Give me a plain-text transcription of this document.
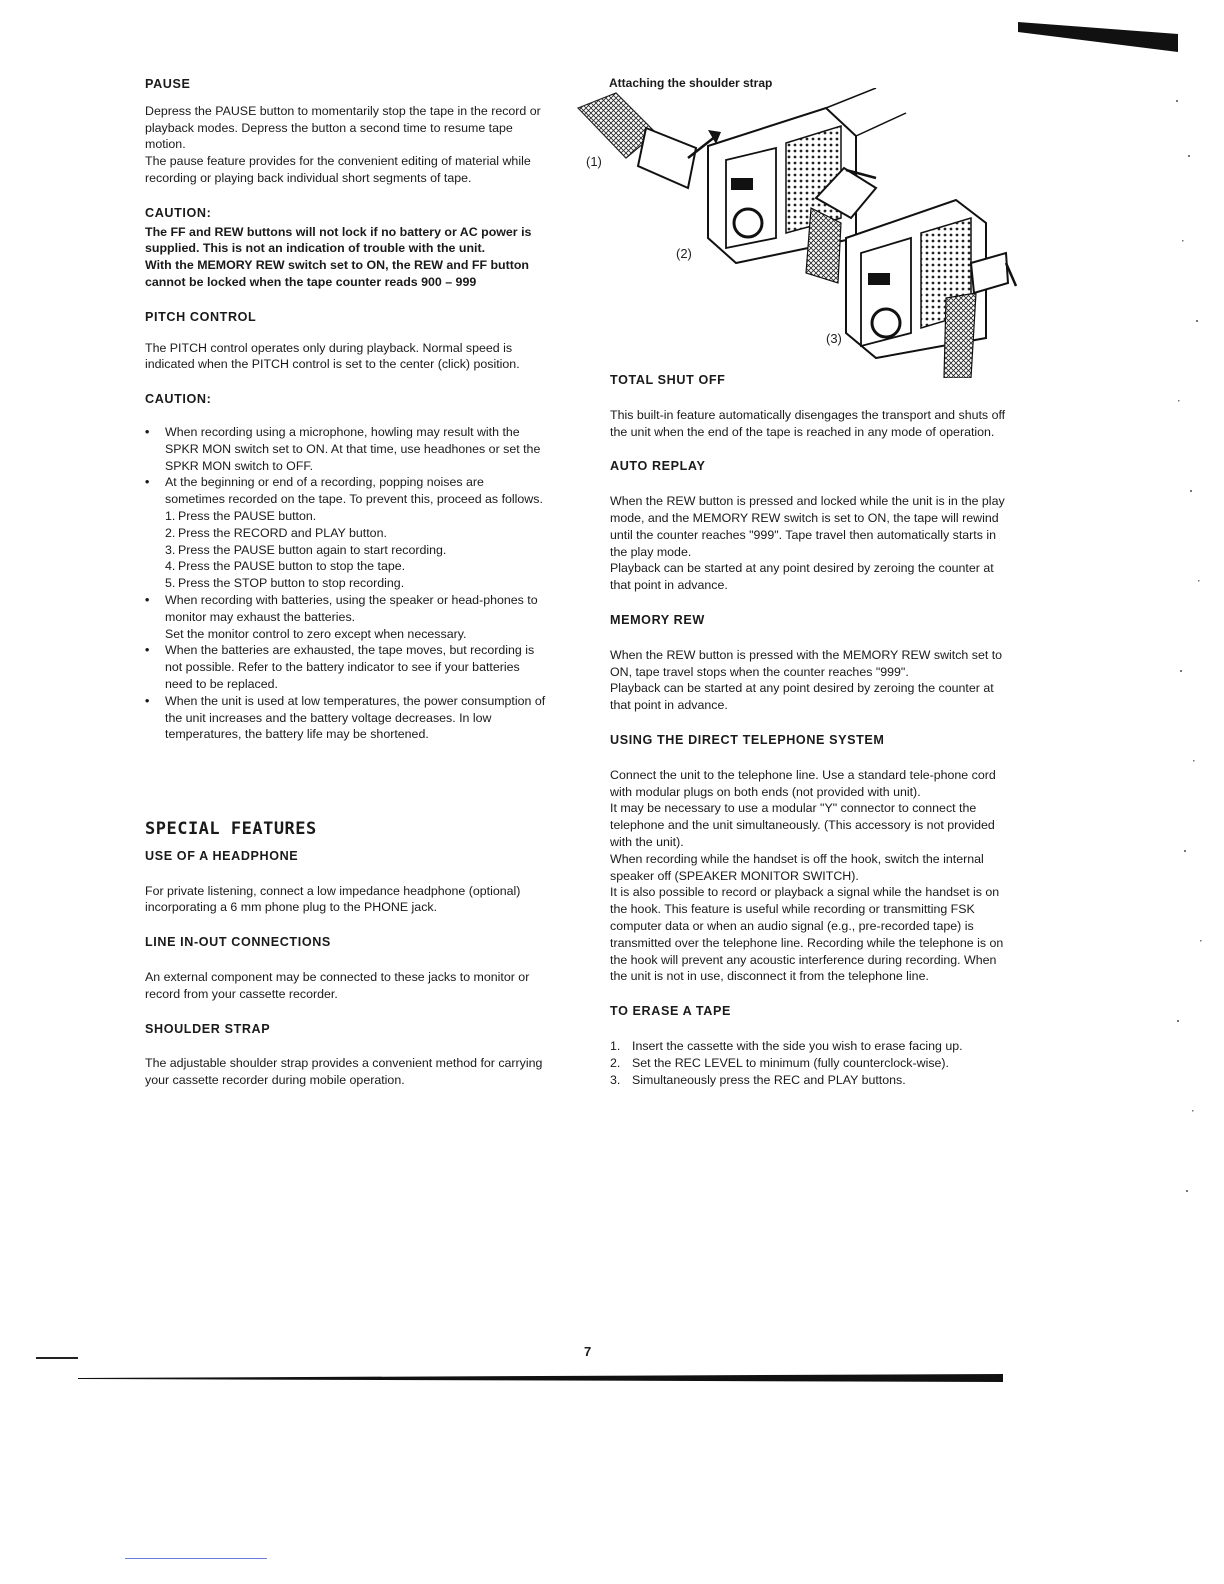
PAUSE

Depress the PAUSE button to momentarily stop the tape in the record or playback modes. Depress the button a second time to resume tape motion.

The pause feature provides for the convenient editing of material while recording or playing back individual short segments of tape.

CAUTION:

The FF and REW buttons will not lock if no battery or AC power is supplied. This is not an indication of trouble with the unit.

With the MEMORY REW switch set to ON, the REW and FF button cannot be locked when the tape counter reads 900 – 999

PITCH CONTROL

The PITCH control operates only during playback. Normal speed is indicated when the PITCH control is set to the center (click) position.

CAUTION:
• When recording using a microphone, howling may result with the SPKR MON switch set to ON. At that time, use headhones or set the SPKR MON switch to OFF.
• At the beginning or end of a recording, popping noises are sometimes recorded on the tape. To prevent this, proceed as follows.
1. Press the PAUSE button.
2. Press the RECORD and PLAY button.
3. Press the PAUSE button again to start recording.
4. Press the PAUSE button to stop the tape.
5. Press the STOP button to stop recording.
• When recording with batteries, using the speaker or head-phones to monitor may exhaust the batteries.
Set the monitor control to zero except when necessary.
• When the batteries are exhausted, the tape moves, but recording is not possible. Refer to the battery indicator to see if your batteries need to be replaced.
• When the unit is used at low temperatures, the power consumption of the unit increases and the battery voltage decreases. In low temperatures, the battery life may be shortened.
SPECIAL FEATURES
USE OF A HEADPHONE

For private listening, connect a low impedance headphone (optional) incorporating a 6 mm phone plug to the PHONE jack.

LINE IN-OUT CONNECTIONS

An external component may be connected to these jacks to monitor or record from your cassette recorder.

SHOULDER STRAP

The adjustable shoulder strap provides a convenient method for carrying your cassette recorder during mobile operation.

Attaching the shoulder strap
(1)
(2)
(3)
TOTAL SHUT OFF

This built-in feature automatically disengages the transport and shuts off the unit when the end of the tape is reached in any mode of operation.

AUTO REPLAY

When the REW button is pressed and locked while the unit is in the play mode, and the MEMORY REW switch is set to ON, the tape will rewind until the counter reaches "999". Tape travel then automatically starts in the play mode.

Playback can be started at any point desired by zeroing the counter at that point in advance.

MEMORY REW

When the REW button is pressed with the MEMORY REW switch set to ON, tape travel stops when the counter reaches "999".

Playback can be started at any point desired by zeroing the counter at that point in advance.

USING THE DIRECT TELEPHONE SYSTEM

Connect the unit to the telephone line. Use a standard tele-phone cord with modular plugs on both ends (not provided with unit).

It may be necessary to use a modular "Y" connector to connect the telephone and the unit simultaneously. (This accessory is not provided with the unit).

When recording while the handset is off the hook, switch the internal speaker off (SPEAKER MONITOR SWITCH).

It is also possible to record or playback a signal while the handset is on the hook. This feature is useful while recording or transmitting FSK computer data or when an audio signal (e.g., pre-recorded tape) is transmitted over the telephone line. Recording while the telephone is on the hook will prevent any acoustic interference during recording. When the unit is not in use, disconnect it from the telephone line.

TO ERASE A TAPE
1. Insert the cassette with the side you wish to erase facing up.
2. Set the REC LEVEL to minimum (fully counterclock-wise).
3. Simultaneously press the REC and PLAY buttons.
7
